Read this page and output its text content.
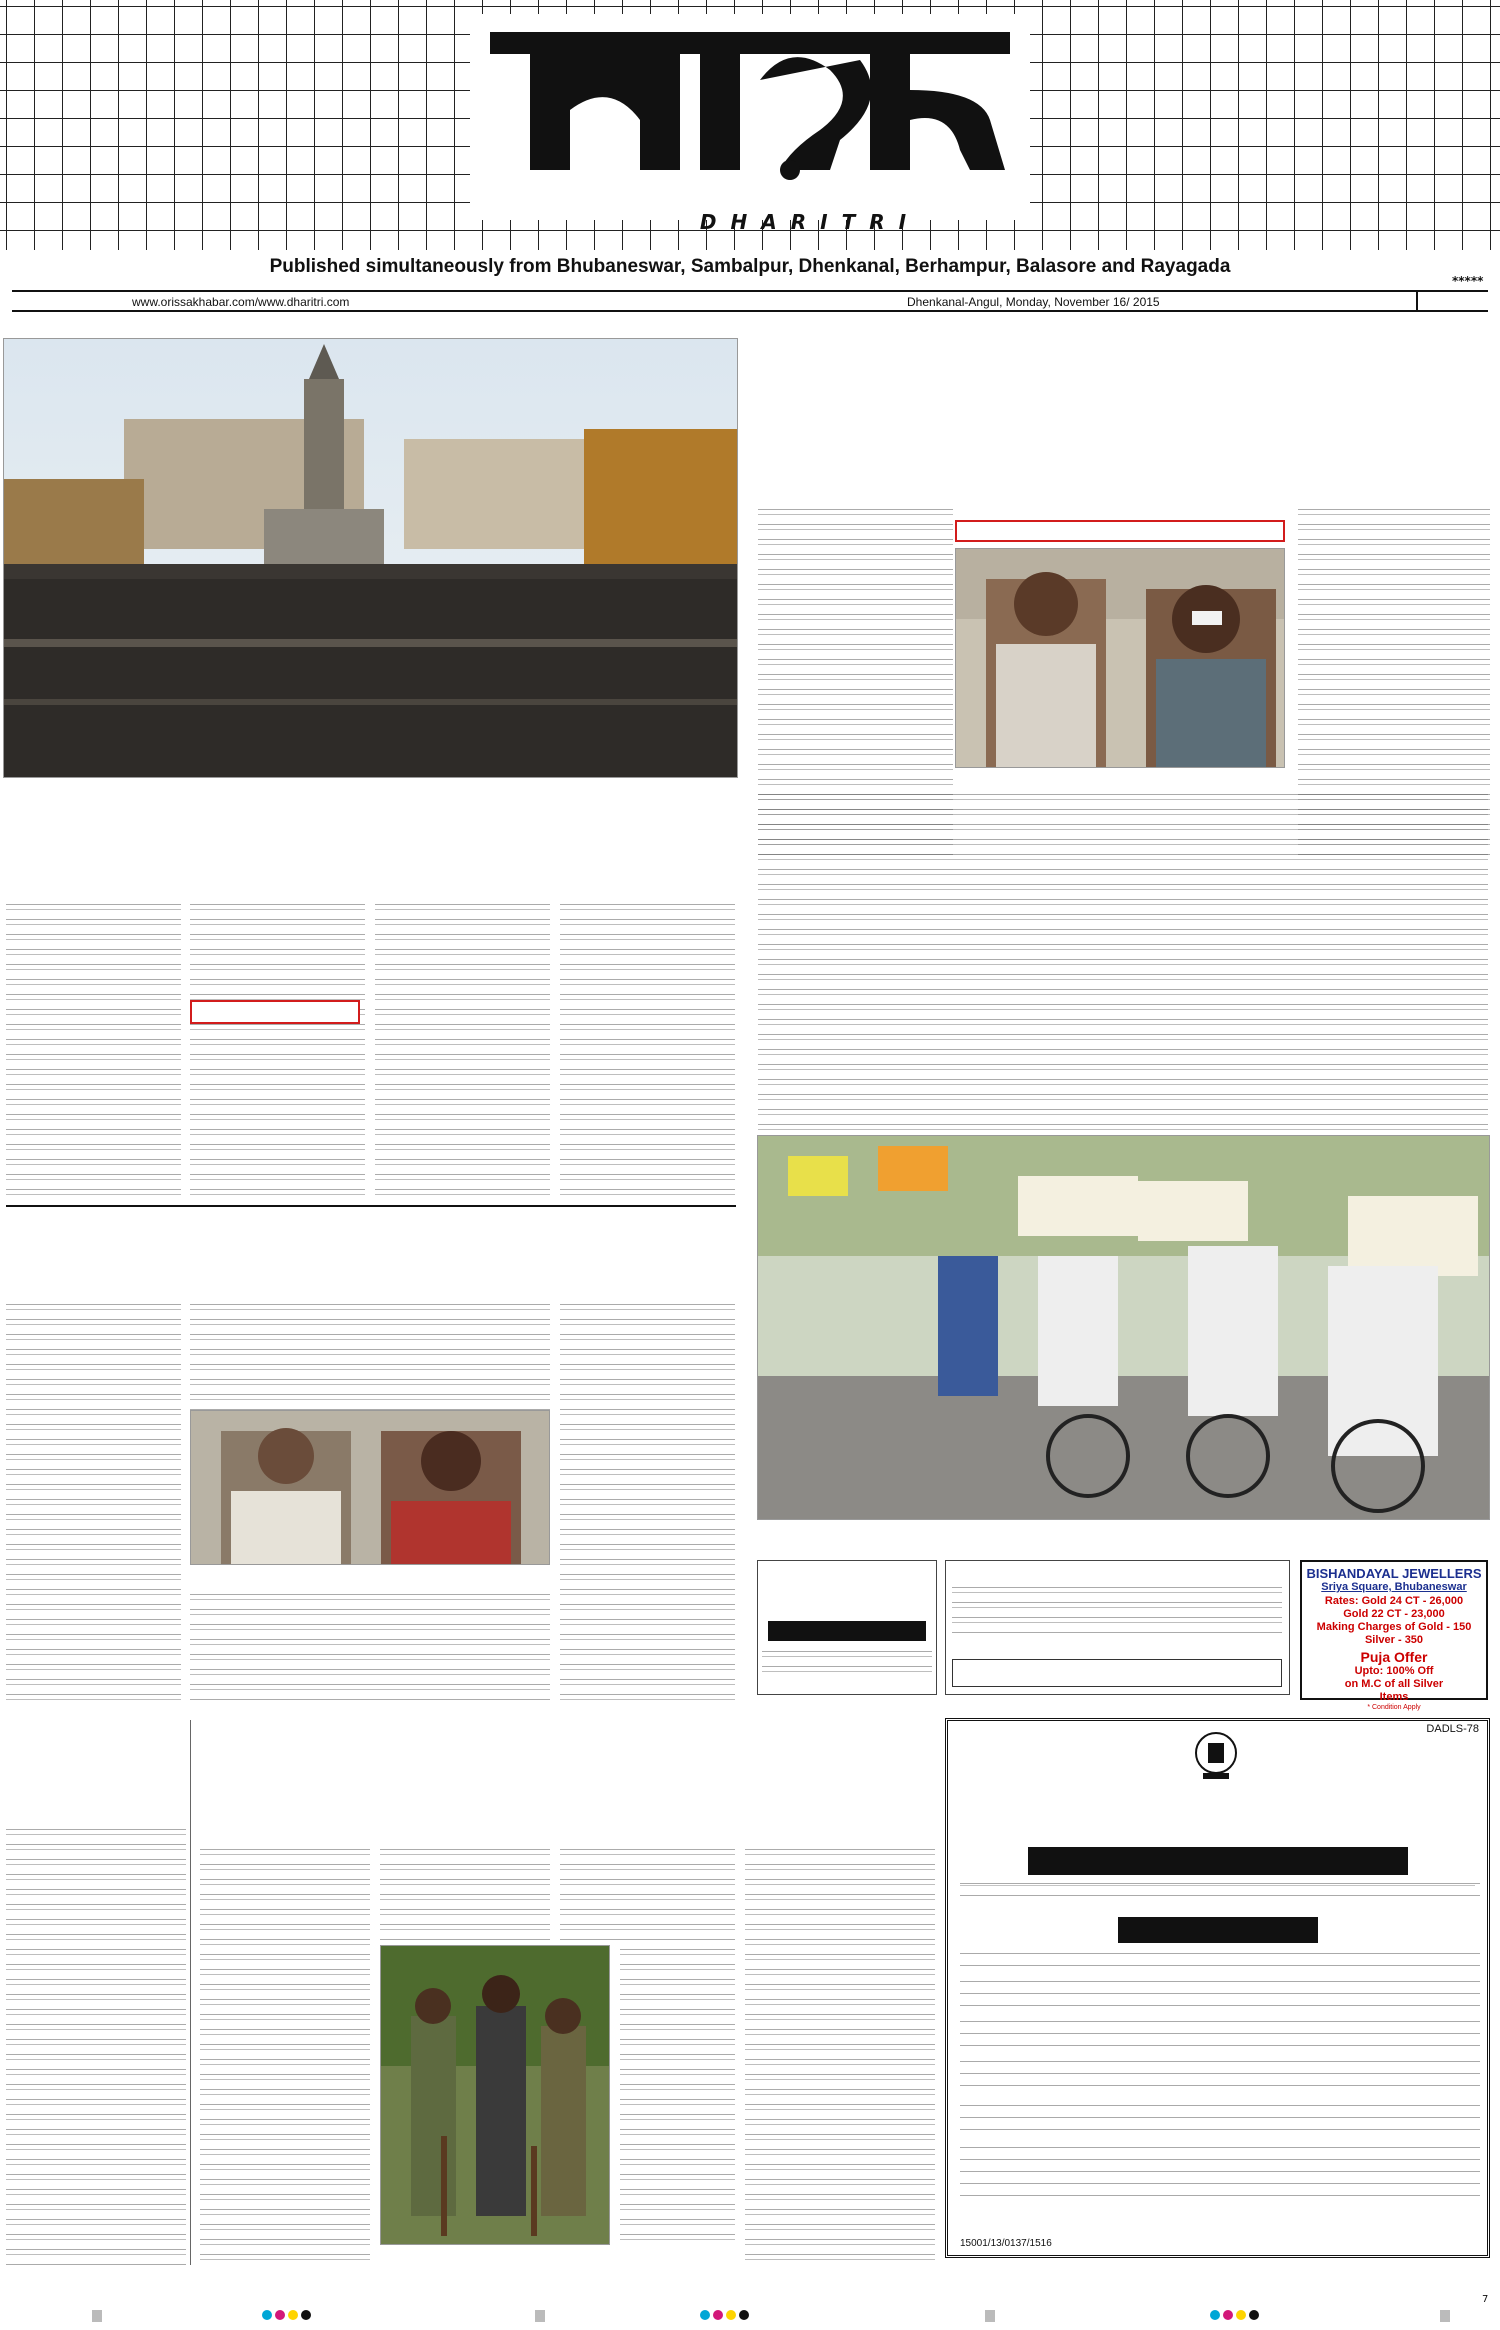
DHARITRI
Published simultaneously from Bhubaneswar, Sambalpur, Dhenkanal, Berhampur, Balasore and Rayagada
*****
www.orissakhabar.com/www.dharitri.com	Dhenkanal-Angul, Monday, November 16/ 2015
BISHANDAYAL JEWELLERS
Sriya Square, Bhubaneswar
Rates: Gold 24 CT - 26,000
Gold 22 CT - 23,000
Making Charges of Gold - 150
Silver - 350
Puja Offer
Upto: 100% Off
on M.C of all Silver
Items
* Condition Apply
DADLS-78
15001/13/0137/1516
7
